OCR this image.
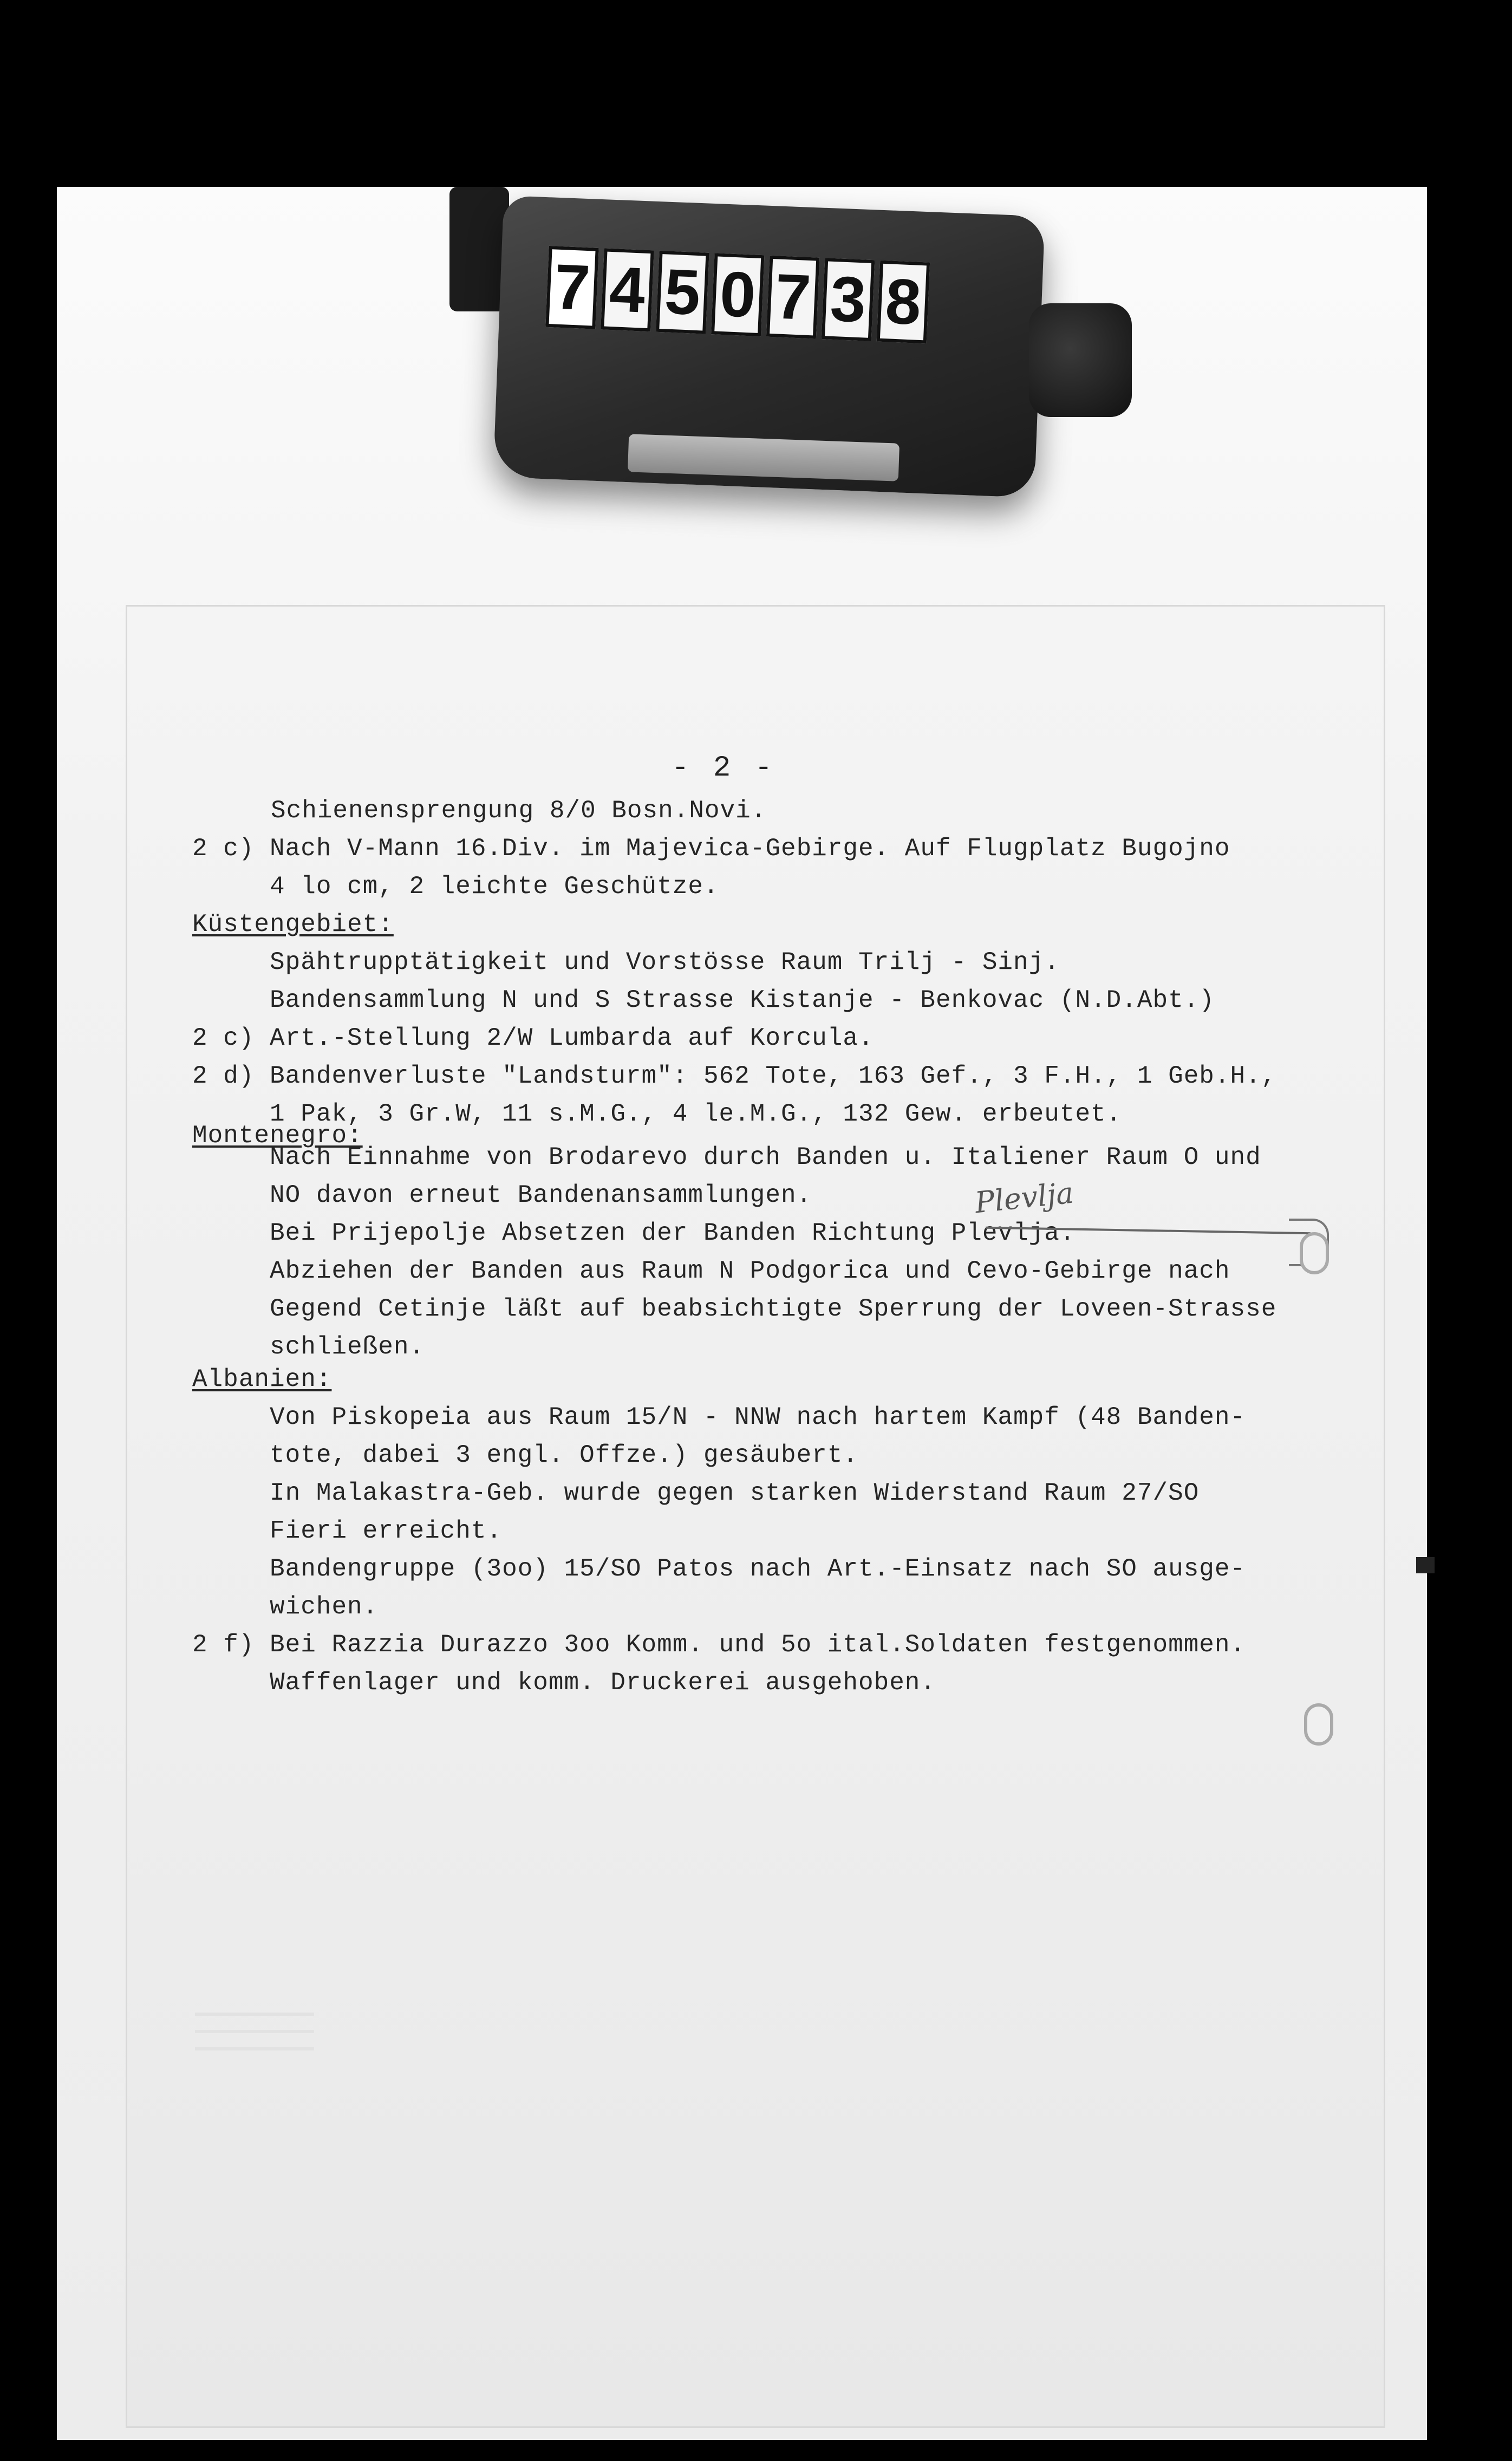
7 4 5 0 7 3 8
- 2 -
Schienensprengung 8/0 Bosn.Novi.
2 c) Nach V-Mann 16.Div. im Majevica-Gebirge. Auf Flugplatz Bugojno
4 lo cm, 2 leichte Geschütze.
Küstengebiet:
Spähtrupptätigkeit und Vorstösse Raum Trilj - Sinj.
Bandensammlung N und S Strasse Kistanje - Benkovac (N.D.Abt.)
2 c) Art.-Stellung 2/W Lumbarda auf Korcula.
2 d) Bandenverluste "Landsturm": 562 Tote, 163 Gef., 3 F.H., 1 Geb.H.,
1 Pak, 3 Gr.W, 11 s.M.G., 4 le.M.G., 132 Gew. erbeutet.
Montenegro:
Nach Einnahme von Brodarevo durch Banden u. Italiener Raum O und
NO davon erneut Bandenansammlungen.
Bei Prijepolje Absetzen der Banden Richtung Plevlja.
Abziehen der Banden aus Raum N Podgorica und Cevo-Gebirge nach
Gegend Cetinje läßt auf beabsichtigte Sperrung der Loveen-Strasse
schließen.
Albanien:
Von Piskopeia aus Raum 15/N - NNW nach hartem Kampf (48 Banden-
tote, dabei 3 engl. Offze.) gesäubert.
In Malakastra-Geb. wurde gegen starken Widerstand Raum 27/SO
Fieri erreicht.
Bandengruppe (3oo) 15/SO Patos nach Art.-Einsatz nach SO ausge-
wichen.
2 f) Bei Razzia Durazzo 3oo Komm. und 5o ital.Soldaten festgenommen.
Waffenlager und komm. Druckerei ausgehoben.
Plevlja
